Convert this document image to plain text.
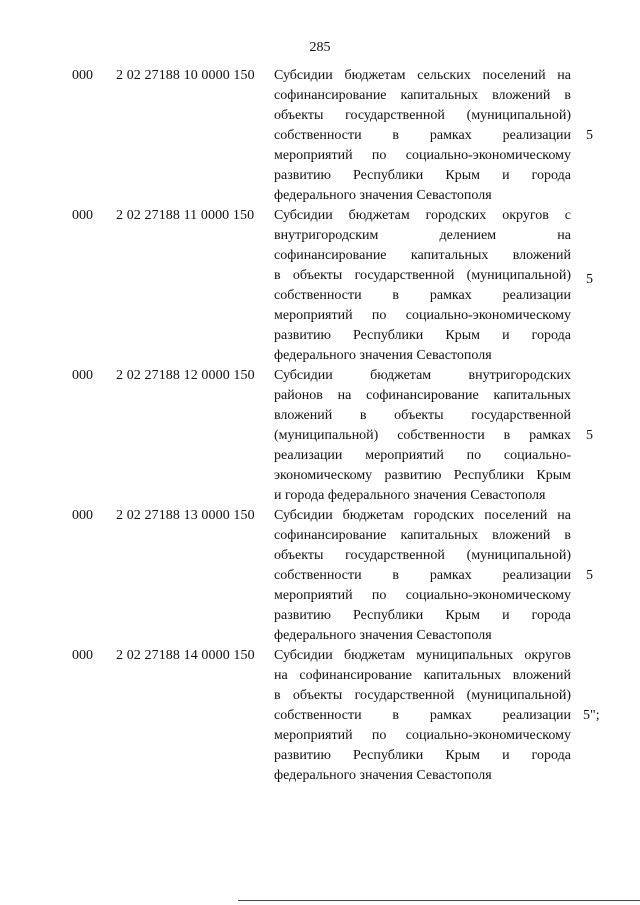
285
000	2 02 27188 10 0000 150	Субсидии бюджетам сельских поселений на
софинансирование капитальных вложений в
объекты государственной (муниципальной)
собственности в рамках реализации
мероприятий по социально-экономическому
развитию Республики Крым и города
федерального значения Севастополя
5
000	2 02 27188 11 0000 150	Субсидии бюджетам городских округов с
внутригородским делением на
софинансирование капитальных вложений
в объекты государственной (муниципальной)
собственности в рамках реализации
мероприятий по социально-экономическому
развитию Республики Крым и города
федерального значения Севастополя
5
000	2 02 27188 12 0000 150	Субсидии бюджетам внутригородских
районов на софинансирование капитальных
вложений в объекты государственной
(муниципальной) собственности в рамках
реализации мероприятий по социально-
экономическому развитию Республики Крым
и города федерального значения Севастополя
5
000	2 02 27188 13 0000 150	Субсидии бюджетам городских поселений на
софинансирование капитальных вложений в
объекты государственной (муниципальной)
собственности в рамках реализации
мероприятий по социально-экономическому
развитию Республики Крым и города
федерального значения Севастополя
5
000	2 02 27188 14 0000 150	Субсидии бюджетам муниципальных округов
на софинансирование капитальных вложений
в объекты государственной (муниципальной)
собственности в рамках реализации
мероприятий по социально-экономическому
развитию Республики Крым и города
федерального значения Севастополя
5";
